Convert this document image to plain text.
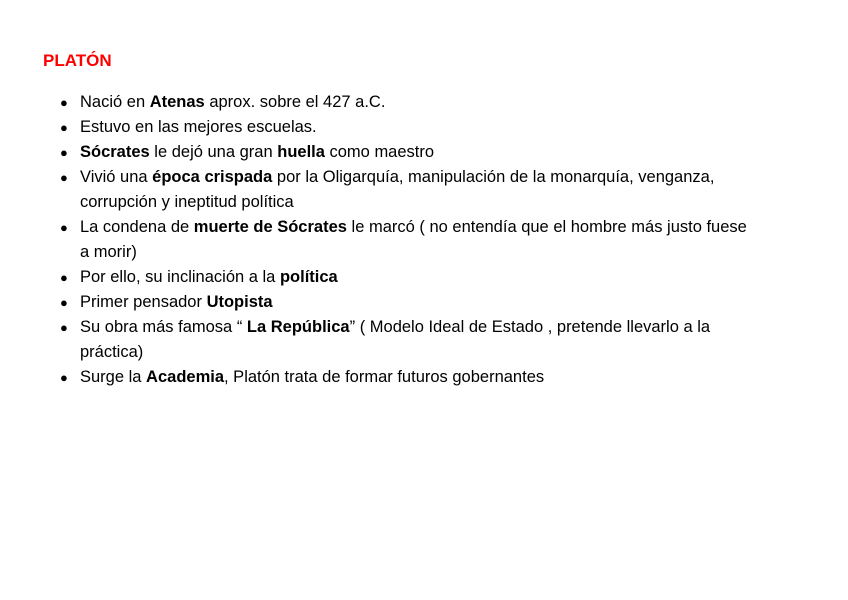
PLATÓN
● Nació en Atenas aprox. sobre el 427 a.C.
● Estuvo en las mejores escuelas.
● Sócrates le dejó una gran huella como maestro
● Vivió una época crispada por la Oligarquía, manipulación de la monarquía, venganza,
corrupción y ineptitud política
● La condena de muerte de Sócrates le marcó ( no entendía que el hombre más justo fuese
a morir)
● Por ello, su inclinación a la política
● Primer pensador Utopista
● Su obra más famosa “ La República” ( Modelo Ideal de Estado , pretende llevarlo a la
práctica)
● Surge la Academia, Platón trata de formar futuros gobernantes
